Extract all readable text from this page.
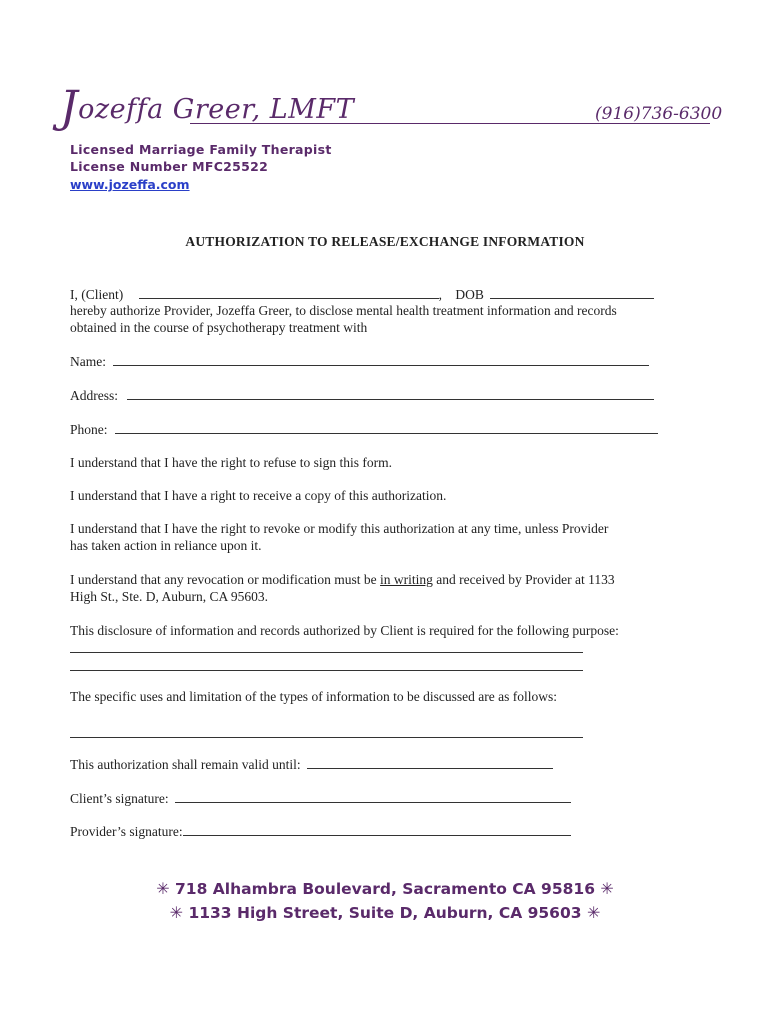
Jozeffa Greer, LMFT	(916)736-6300
Licensed Marriage Family Therapist
License Number MFC25522
www.jozeffa.com
AUTHORIZATION TO RELEASE/EXCHANGE INFORMATION
I, (Client)	, DOB
hereby authorize Provider, Jozeffa Greer, to disclose mental health treatment information and records
obtained in the course of psychotherapy treatment with
Name:
Address:
Phone:
I understand that I have the right to refuse to sign this form.
I understand that I have a right to receive a copy of this authorization.
I understand that I have the right to revoke or modify this authorization at any time, unless Provider
has taken action in reliance upon it.
I understand that any revocation or modification must be in writing and received by Provider at 1133
High St., Ste. D, Auburn, CA 95603.
This disclosure of information and records authorized by Client is required for the following purpose:
The specific uses and limitation of the types of information to be discussed are as follows:
This authorization shall remain valid until:
Client’s signature:
Provider’s signature:
✳ 718 Alhambra Boulevard, Sacramento CA 95816 ✳
✳ 1133 High Street, Suite D, Auburn, CA 95603 ✳
